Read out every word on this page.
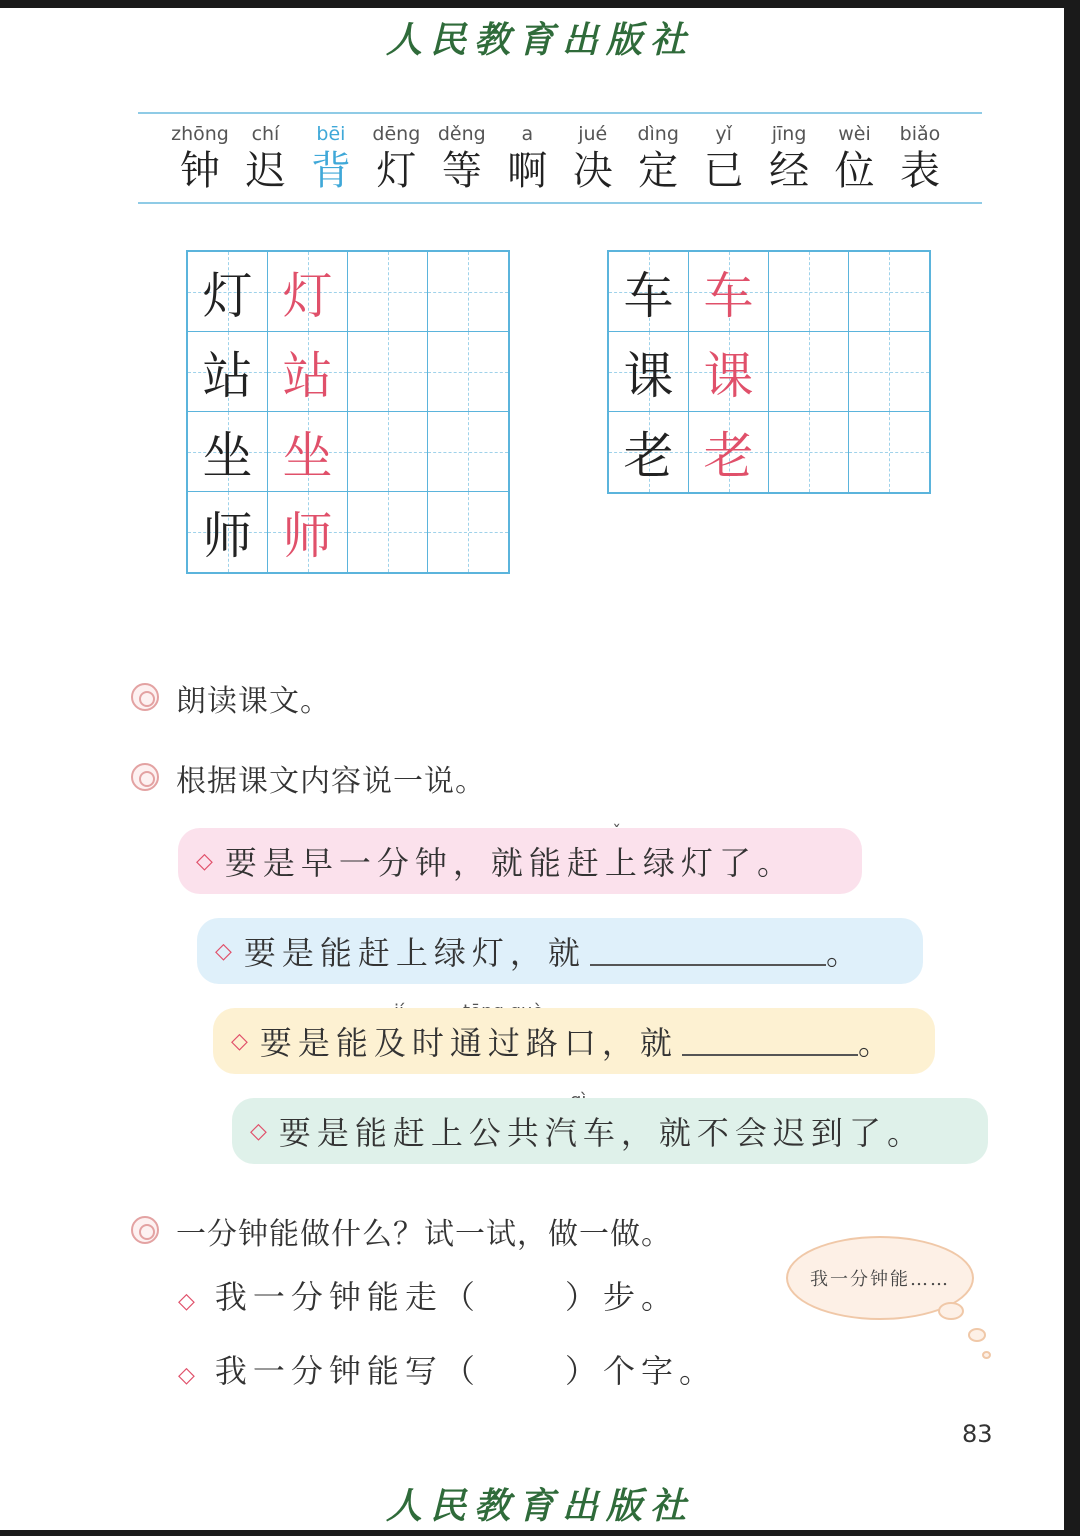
人民教育出版社
zhōng
钟
chí
迟
bēi
背
dēng
灯
děng
等
a
啊
jué
决
dìng
定
yǐ
已
jīng
经
wèi
位
biǎo
表
灯 灯
站 站
坐 坐
师 师
车 车
课 课
老 老
朗读课文。
根据课文内容说一说。
◇ 要是早一分钟，就能赶上绿灯了 。
◇ 要是能赶上绿灯，就	。
◇ 要是能及时通过路口，就	。
◇ 要是能赶上公共汽车，就不会迟到了 。
一分钟能做什么？试一试，做一做。
◇ 我一分钟能走（	）步。
◇ 我一分钟能写（	）个字。
我一分钟能……
83
人民教育出版社
